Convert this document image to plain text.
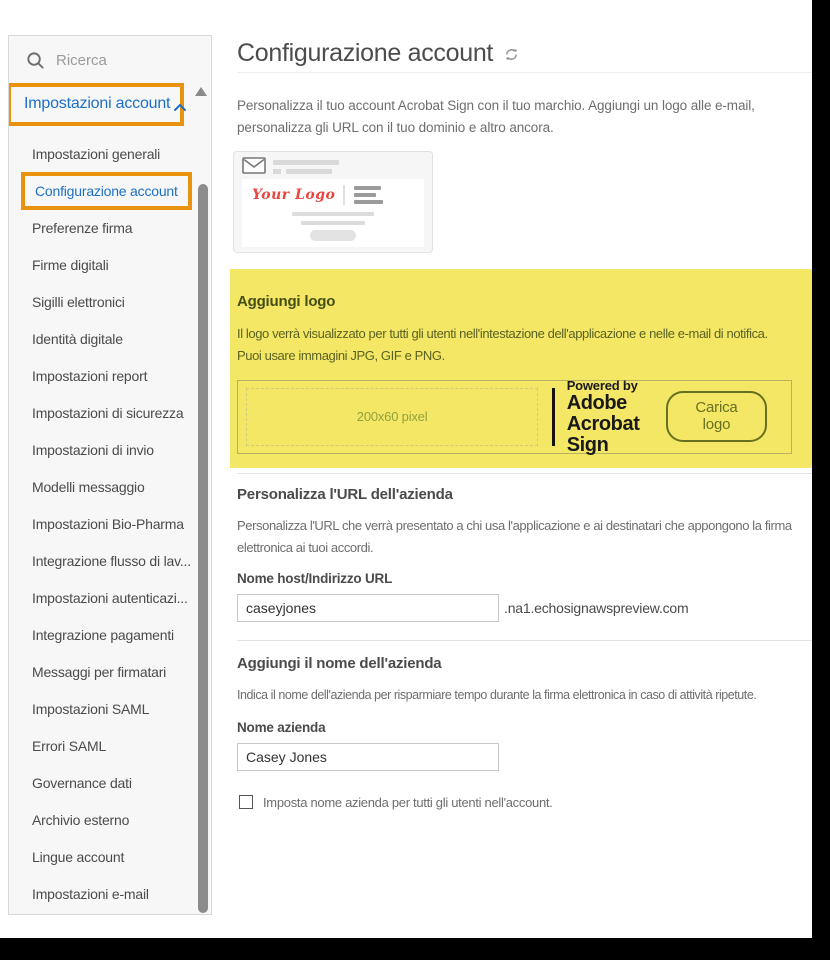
Ricerca
Impostazioni account
Impostazioni generali
Configurazione account
Preferenze firma
Firme digitali
Sigilli elettronici
Identità digitale
Impostazioni report
Impostazioni di sicurezza
Impostazioni di invio
Modelli messaggio
Impostazioni Bio-Pharma
Integrazione flusso di lav...
Impostazioni autenticazi...
Integrazione pagamenti
Messaggi per firmatari
Impostazioni SAML
Errori SAML
Governance dati
Archivio esterno
Lingue account
Impostazioni e-mail
Configurazione account

Personalizza il tuo account Acrobat Sign con il tuo marchio. Aggiungi un logo alle e-mail, personalizza gli URL con il tuo dominio e altro ancora.

Your Logo
Aggiungi logo

Il logo verrà visualizzato per tutti gli utenti nell'intestazione dell'applicazione e nelle e-mail di notifica. Puoi usare immagini JPG, GIF e PNG.

200x60 pixel
Powered by
Adobe
Acrobat Sign
Carica logo
Personalizza l'URL dell'azienda

Personalizza l'URL che verrà presentato a chi usa l'applicazione e ai destinatari che appongono la firma elettronica ai tuoi accordi.

Nome host/Indirizzo URL
caseyjones
.na1.echosignawspreview.com
Aggiungi il nome dell'azienda

Indica il nome dell'azienda per risparmiare tempo durante la firma elettronica in caso di attività ripetute.

Nome azienda
Casey Jones
Imposta nome azienda per tutti gli utenti nell'account.
